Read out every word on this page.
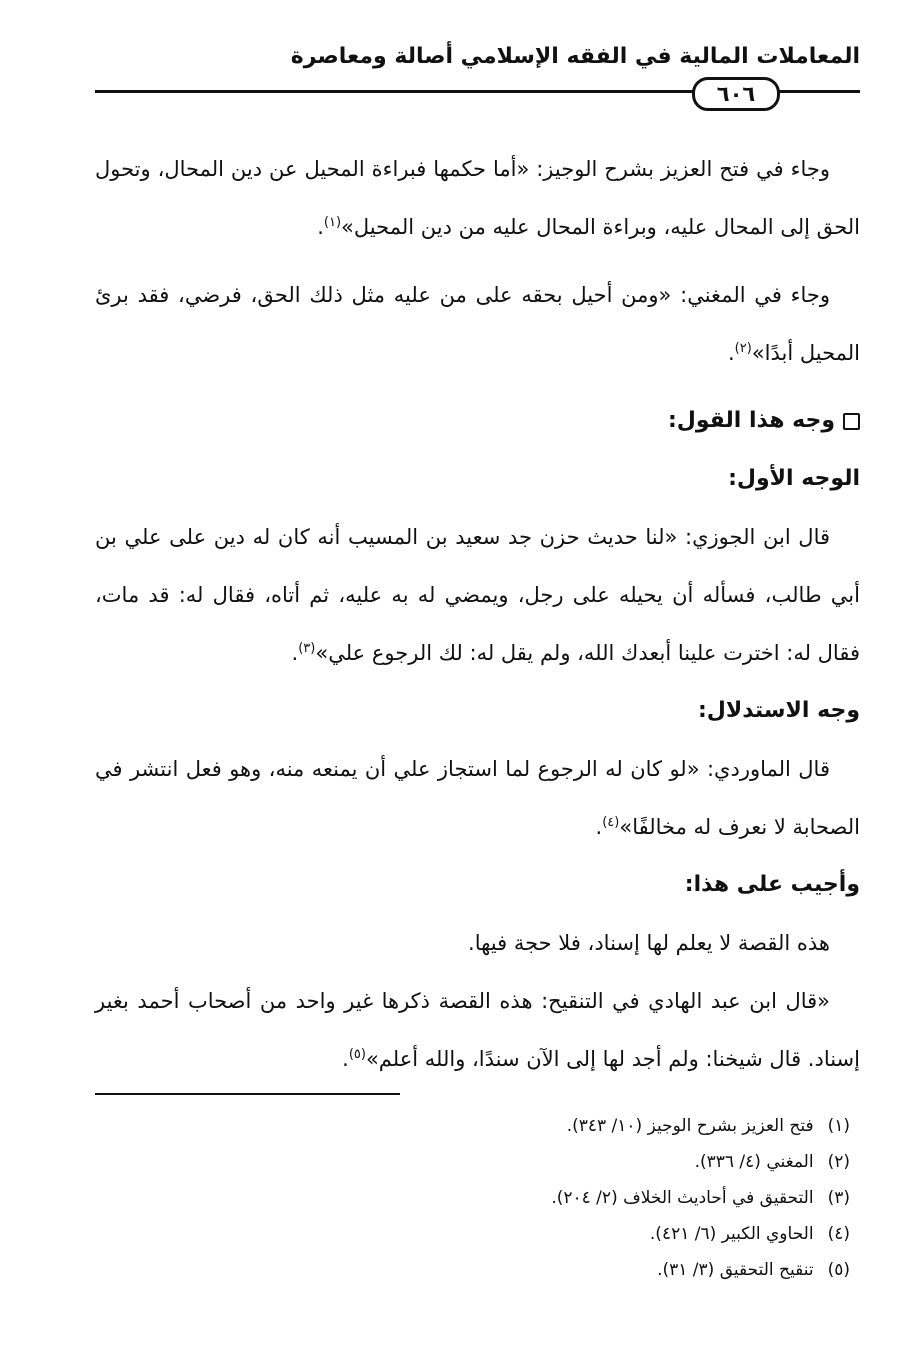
المعاملات المالية في الفقه الإسلامي أصالة ومعاصرة
٦٠٦

وجاء في فتح العزيز بشرح الوجيز: «أما حكمها فبراءة المحيل عن دين المحال، وتحول الحق إلى المحال عليه، وبراءة المحال عليه من دين المحيل»$^{(١)}$.

وجاء في المغني: «ومن أحيل بحقه على من عليه مثل ذلك الحق، فرضي، فقد برئ المحيل أبدًا»$^{(٢)}$.

وجه هذا القول:

الوجه الأول:

قال ابن الجوزي: «لنا حديث حزن جد سعيد بن المسيب أنه كان له دين على علي بن أبي طالب، فسأله أن يحيله على رجل، ويمضي له به عليه، ثم أتاه، فقال له: قد مات، فقال له: اخترت علينا أبعدك الله، ولم يقل له: لك الرجوع علي»$^{(٣)}$.

وجه الاستدلال:

قال الماوردي: «لو كان له الرجوع لما استجاز علي أن يمنعه منه، وهو فعل انتشر في الصحابة لا نعرف له مخالفًا»$^{(٤)}$.

وأجيب على هذا:

هذه القصة لا يعلم لها إسناد، فلا حجة فيها.

«قال ابن عبد الهادي في التنقيح: هذه القصة ذكرها غير واحد من أصحاب أحمد بغير إسناد. قال شيخنا: ولم أجد لها إلى الآن سندًا، والله أعلم»$^{(٥)}$.

(١)فتح العزيز بشرح الوجيز (١٠/ ٣٤٣).
(٢)المغني (٤/ ٣٣٦).
(٣)التحقيق في أحاديث الخلاف (٢/ ٢٠٤).
(٤)الحاوي الكبير (٦/ ٤٢١).
(٥)تنقيح التحقيق (٣/ ٣١).
